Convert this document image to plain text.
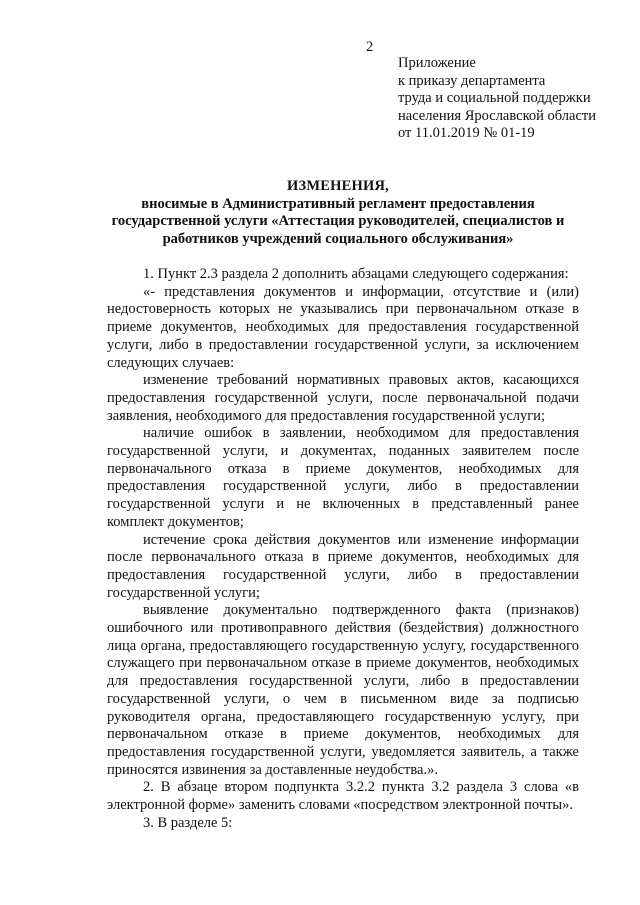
2
Приложение
к приказу департамента
труда и социальной поддержки
населения Ярославской области
от 11.01.2019 № 01-19
ИЗМЕНЕНИЯ,
вносимые в Административный регламент предоставления
государственной услуги «Аттестация руководителей, специалистов и
работников учреждений социального обслуживания»

1. Пункт 2.3 раздела 2 дополнить абзацами следующего содержания:

«- представления документов и информации, отсутствие и (или) недостоверность которых не указывались при первоначальном отказе в приеме документов, необходимых для предоставления государственной услуги, либо в предоставлении государственной услуги, за исключением следующих случаев:

изменение требований нормативных правовых актов, касающихся предоставления государственной услуги, после первоначальной подачи заявления, необходимого для предоставления государственной услуги;

наличие ошибок в заявлении, необходимом для предоставления государственной услуги, и документах, поданных заявителем после первоначального отказа в приеме документов, необходимых для предоставления государственной услуги, либо в предоставлении государственной услуги и не включенных в представленный ранее комплект документов;

истечение срока действия документов или изменение информации после первоначального отказа в приеме документов, необходимых для предоставления государственной услуги, либо в предоставлении государственной услуги;

выявление документально подтвержденного факта (признаков) ошибочного или противоправного действия (бездействия) должностного лица органа, предоставляющего государственную услугу, государственного служащего при первоначальном отказе в приеме документов, необходимых для предоставления государственной услуги, либо в предоставлении государственной услуги, о чем в письменном виде за подписью руководителя органа, предоставляющего государственную услугу, при первоначальном отказе в приеме документов, необходимых для предоставления государственной услуги, уведомляется заявитель, а также приносятся извинения за доставленные неудобства.».

2. В абзаце втором подпункта 3.2.2 пункта 3.2 раздела 3 слова «в электронной форме» заменить словами «посредством электронной почты».

3. В разделе 5:
